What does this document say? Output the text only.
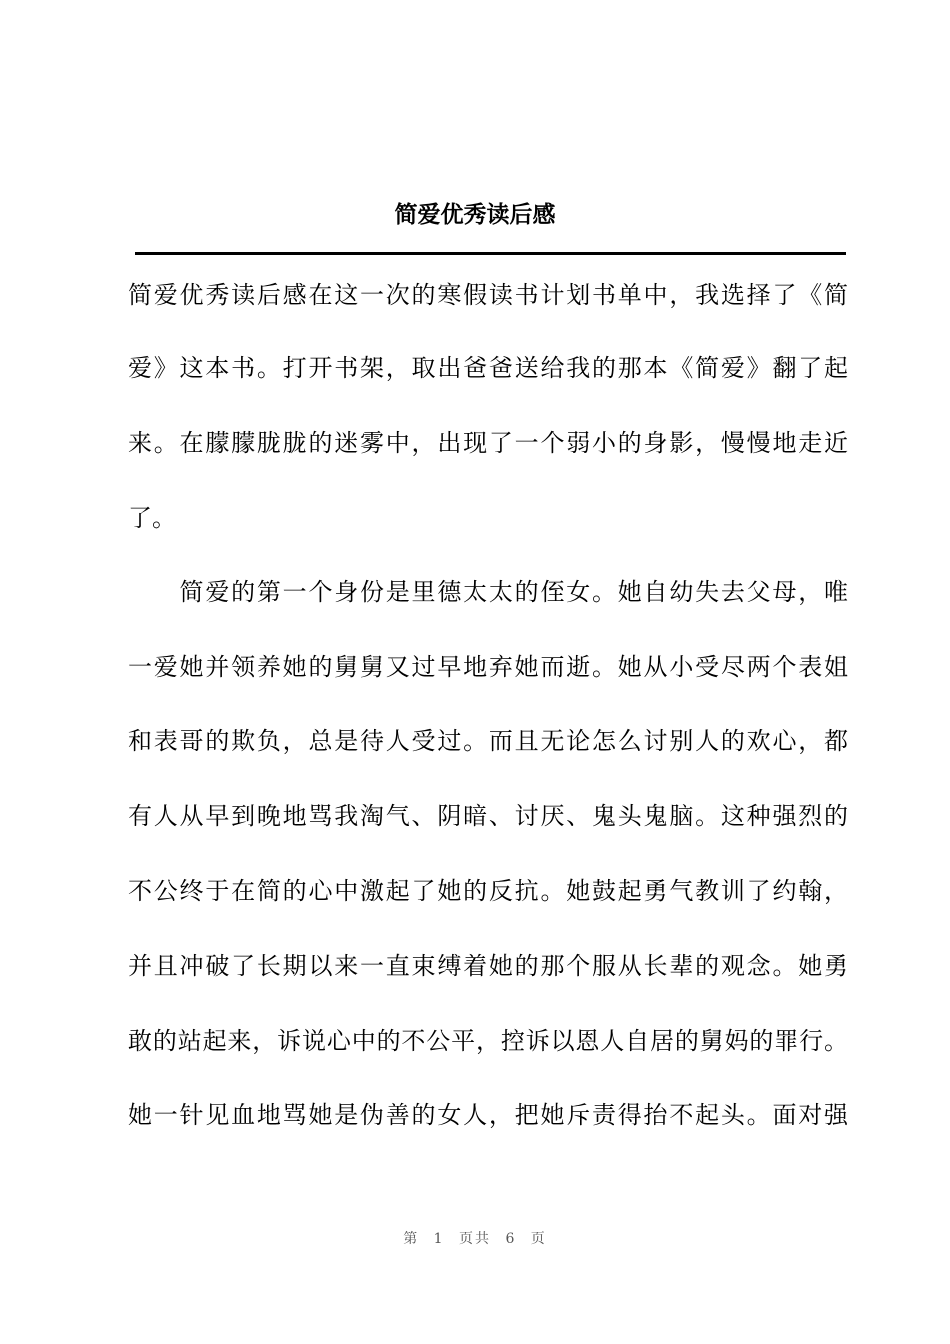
简爱优秀读后感
简爱优秀读后感在这一次的寒假读书计划书单中，我选择了《简
爱》这本书。打开书架，取出爸爸送给我的那本《简爱》翻了起
来。在朦朦胧胧的迷雾中，出现了一个弱小的身影，慢慢地走近
了。
　　简爱的第一个身份是里德太太的侄女。她自幼失去父母，唯
一爱她并领养她的舅舅又过早地弃她而逝。她从小受尽两个表姐
和表哥的欺负，总是待人受过。而且无论怎么讨别人的欢心，都
有人从早到晚地骂我淘气、阴暗、讨厌、鬼头鬼脑。这种强烈的
不公终于在简的心中激起了她的反抗。她鼓起勇气教训了约翰，
并且冲破了长期以来一直束缚着她的那个服从长辈的观念。她勇
敢的站起来，诉说心中的不公平，控诉以恩人自居的舅妈的罪行。
她一针见血地骂她是伪善的女人，把她斥责得抬不起头。面对强
第 1 页共 6 页
